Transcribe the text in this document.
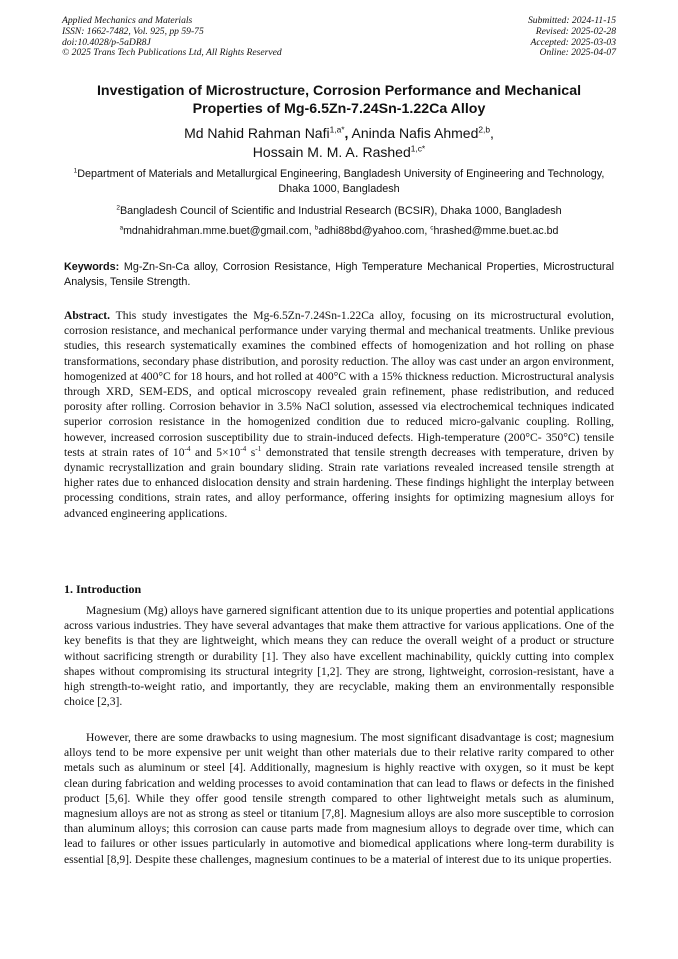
Applied Mechanics and Materials
ISSN: 1662-7482, Vol. 925, pp 59-75
doi:10.4028/p-5aDR8J
© 2025 Trans Tech Publications Ltd, All Rights Reserved
Submitted: 2024-11-15
Revised: 2025-02-28
Accepted: 2025-03-03
Online: 2025-04-07
Investigation of Microstructure, Corrosion Performance and Mechanical
Properties of Mg-6.5Zn-7.24Sn-1.22Ca Alloy
Md Nahid Rahman Nafi$^{1,a*}$, Aninda Nafis Ahmed$^{2,b}$,
Hossain M. M. A. Rashed$^{1,c*}$
$^1$Department of Materials and Metallurgical Engineering, Bangladesh University of Engineering and Technology, Dhaka 1000, Bangladesh
$^2$Bangladesh Council of Scientific and Industrial Research (BCSIR), Dhaka 1000, Bangladesh
$^a$mdnahidrahman.mme.buet@gmail.com, $^b$adhi88bd@yahoo.com, $^c$hrashed@mme.buet.ac.bd
Keywords: Mg-Zn-Sn-Ca alloy, Corrosion Resistance, High Temperature Mechanical Properties, Microstructural Analysis, Tensile Strength.
Abstract. This study investigates the Mg-6.5Zn-7.24Sn-1.22Ca alloy, focusing on its microstructural evolution, corrosion resistance, and mechanical performance under varying thermal and mechanical treatments. Unlike previous studies, this research systematically examines the combined effects of homogenization and hot rolling on phase transformations, secondary phase distribution, and porosity reduction. The alloy was cast under an argon environment, homogenized at 400°C for 18 hours, and hot rolled at 400°C with a 15% thickness reduction. Microstructural analysis through XRD, SEM-EDS, and optical microscopy revealed grain refinement, phase redistribution, and reduced porosity after rolling. Corrosion behavior in 3.5% NaCl solution, assessed via electrochemical techniques indicated superior corrosion resistance in the homogenized condition due to reduced micro-galvanic coupling. Rolling, however, increased corrosion susceptibility due to strain-induced defects. High-temperature (200°C- 350°C) tensile tests at strain rates of $10^{-4}$ and $5\times 10^{-4}$ $s^{-1}$ demonstrated that tensile strength decreases with temperature, driven by dynamic recrystallization and grain boundary sliding. Strain rate variations revealed increased tensile strength at higher rates due to enhanced dislocation density and strain hardening. These findings highlight the interplay between processing conditions, strain rates, and alloy performance, offering insights for optimizing magnesium alloys for advanced engineering applications.
1. Introduction

Magnesium (Mg) alloys have garnered significant attention due to its unique properties and potential applications across various industries. They have several advantages that make them attractive for various applications. One of the key benefits is that they are lightweight, which means they can reduce the overall weight of a product or structure without sacrificing strength or durability [1]. They also have excellent machinability, quickly cutting into complex shapes without compromising its structural integrity [1,2]. They are strong, lightweight, corrosion-resistant, have a high strength-to-weight ratio, and importantly, they are recyclable, making them an environmentally responsible choice [2,3].

However, there are some drawbacks to using magnesium. The most significant disadvantage is cost; magnesium alloys tend to be more expensive per unit weight than other materials due to their relative rarity compared to other metals such as aluminum or steel [4]. Additionally, magnesium is highly reactive with oxygen, so it must be kept clean during fabrication and welding processes to avoid contamination that can lead to flaws or defects in the finished product [5,6]. While they offer good tensile strength compared to other lightweight metals such as aluminum, magnesium alloys are not as strong as steel or titanium [7,8]. Magnesium alloys are also more susceptible to corrosion than aluminum alloys; this corrosion can cause parts made from magnesium alloys to degrade over time, which can lead to failures or other issues particularly in automotive and biomedical applications where long-term durability is essential [8,9]. Despite these challenges, magnesium continues to be a material of interest due to its unique properties.
